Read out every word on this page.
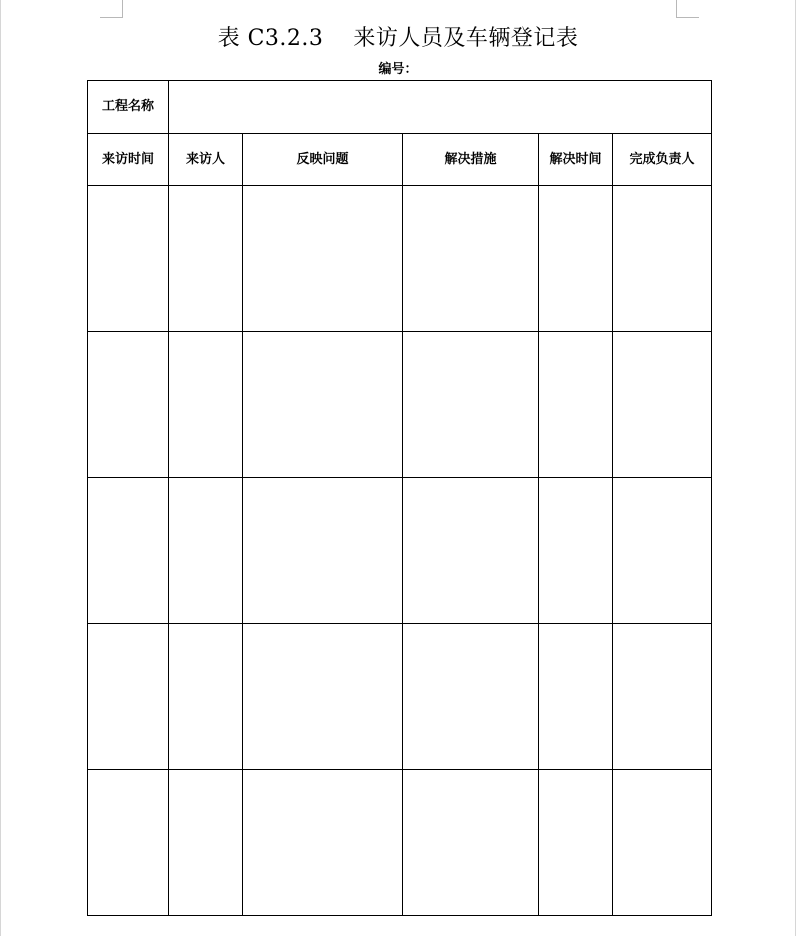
表 C3.2.3　 来访人员及车辆登记表
编号：
工程名称					
来访时间	来访人	反映问题	解决措施	解决时间	完成负责人
